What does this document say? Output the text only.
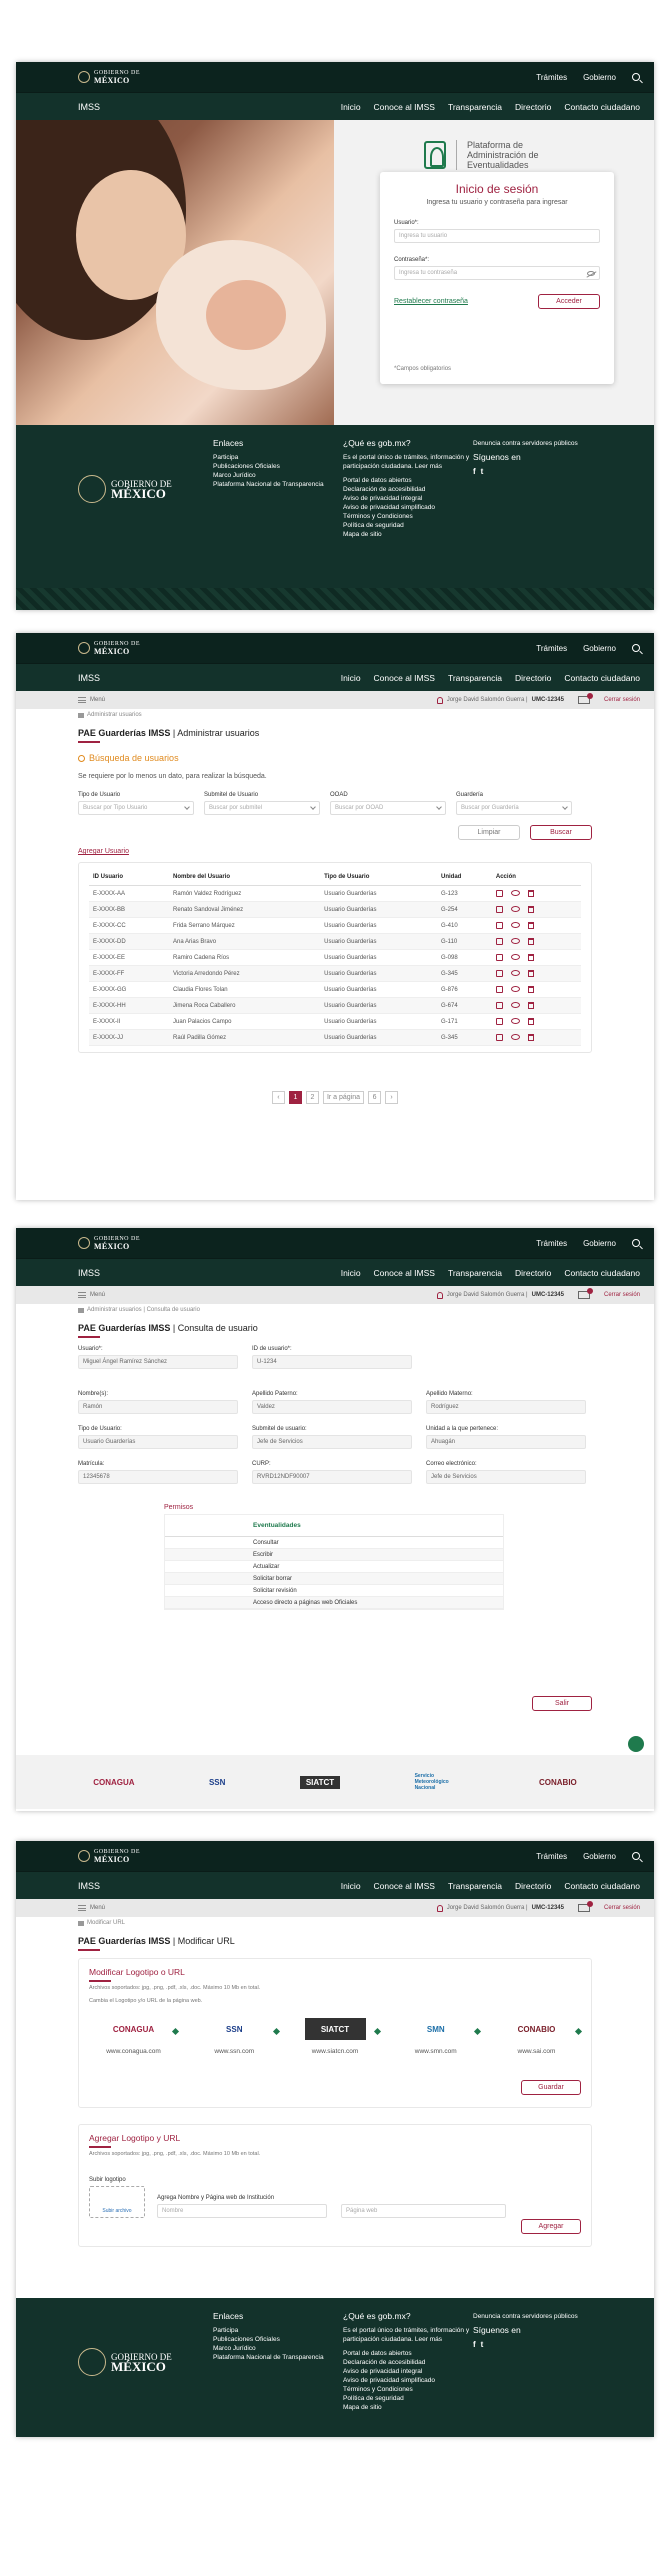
GOBIERNO DE
MÉXICO	Trámites Gobierno
IMSS	Inicio Conoce al IMSS Transparencia Directorio Contacto ciudadano
Plataforma de
Administración de
Eventualidades
Inicio de sesión
Ingresa tu usuario y contraseña para ingresar
Usuario*:
Ingresa tu usuario
Contraseña*:
Ingresa tu contraseña
Restablecer contraseña	Acceder
*Campos obligatorios
GOBIERNO DE
MÉXICO
Enlaces
Participa
Publicaciones Oficiales
Marco Jurídico
Plataforma Nacional de Transparencia
¿Qué es gob.mx?
Es el portal único de trámites, información y participación ciudadana. Leer más
Portal de datos abiertos
Declaración de accesibilidad
Aviso de privacidad integral
Aviso de privacidad simplificado
Términos y Condiciones
Política de seguridad
Mapa de sitio
Denuncia contra servidores públicos
Síguenos en
f t
GOBIERNO DE
MÉXICO	Trámites Gobierno
IMSS	Inicio Conoce al IMSS Transparencia Directorio Contacto ciudadano
Menú	Jorge David Salomón Guerra | UMC-12345	Cerrar sesión
Administrar usuarios
PAE Guarderías IMSS | Administrar usuarios
Búsqueda de usuarios
Se requiere por lo menos un dato, para realizar la búsqueda.
Tipo de Usuario
Buscar por Tipo Usuario
Submitel de Usuario
Buscar por submitel
OOAD
Buscar por OOAD
Guardería
Buscar por Guardería
Limpiar	Buscar
Agregar Usuario
ID Usuario	Nombre del Usuario	Tipo de Usuario	Unidad	Acción
E-XXXX-AA	Ramón Valdez Rodríguez	Usuario Guarderías	G-123	

E-XXXX-BB	Renato Sandoval Jiménez	Usuario Guarderías	G-254	

E-XXXX-CC	Frida Serrano Márquez	Usuario Guarderías	G-410	

E-XXXX-DD	Ana Arias Bravo	Usuario Guarderías	G-110	

E-XXXX-EE	Ramiro Cadena Ríos	Usuario Guarderías	G-098	

E-XXXX-FF	Victoria Arredondo Pérez	Usuario Guarderías	G-345	

E-XXXX-GG	Claudia Flores Tolan	Usuario Guarderías	G-876	

E-XXXX-HH	Jimena Roca Caballero	Usuario Guarderías	G-674	

E-XXXX-II	Juan Palacios Campo	Usuario Guarderías	G-171	

E-XXXX-JJ	Raúl Padilla Gómez	Usuario Guarderías	G-345	
‹	1	2	Ir a página	6	›
GOBIERNO DE
MÉXICO	Trámites Gobierno
IMSS	Inicio Conoce al IMSS Transparencia Directorio Contacto ciudadano
Menú	Jorge David Salomón Guerra | UMC-12345	Cerrar sesión
Administrar usuarios | Consulta de usuario
PAE Guarderías IMSS | Consulta de usuario
Usuario*:
Miguel Ángel Ramírez Sánchez
ID de usuario*:
U-1234
Nombre(s):
Ramón
Apellido Paterno:
Valdez
Apellido Materno:
Rodríguez
Tipo de Usuario:
Usuario Guarderías
Submitel de usuario:
Jefe de Servicios
Unidad a la que pertenece:
Ahuagán
Matrícula:
12345678
CURP:
RVRD12NDF90007
Correo electrónico:
Jefe de Servicios
Permisos
Eventualidades
Consultar
Escribir
Actualizar
Solicitar borrar
Solicitar revisión
Acceso directo a páginas web Oficiales
Salir
CONAGUA	SSN	SIATCT
Servicio Meteorológico Nacional
CONABIO
GOBIERNO DE
MÉXICO	Trámites Gobierno
IMSS	Inicio Conoce al IMSS Transparencia Directorio Contacto ciudadano
Menú	Jorge David Salomón Guerra | UMC-12345	Cerrar sesión
Modificar URL
PAE Guarderías IMSS | Modificar URL
Modificar Logotipo o URL
Archivos soportados: jpg, .png, .pdf, .xls, .doc. Máximo 10 Mb en total.
Cambia el Logotipo y/o URL de la página web.
CONAGUA
www.conagua.com
SSN
www.ssn.com
SIATCT
www.siatcn.com
SMN
www.smn.com
CONABIO
www.sai.com
Guardar
Agregar Logotipo y URL
Archivos soportados: jpg, .png, .pdf, .xls, .doc. Máximo 10 Mb en total.
Subir logotipo
Subir archivo
Agrega Nombre y Página web de Institución
Nombre	Página web
Agregar
GOBIERNO DE
MÉXICO
Enlaces
Participa
Publicaciones Oficiales
Marco Jurídico
Plataforma Nacional de Transparencia
¿Qué es gob.mx?
Es el portal único de trámites, información y participación ciudadana. Leer más
Portal de datos abiertos
Declaración de accesibilidad
Aviso de privacidad integral
Aviso de privacidad simplificado
Términos y Condiciones
Política de seguridad
Mapa de sitio
Denuncia contra servidores públicos
Síguenos en
f t
